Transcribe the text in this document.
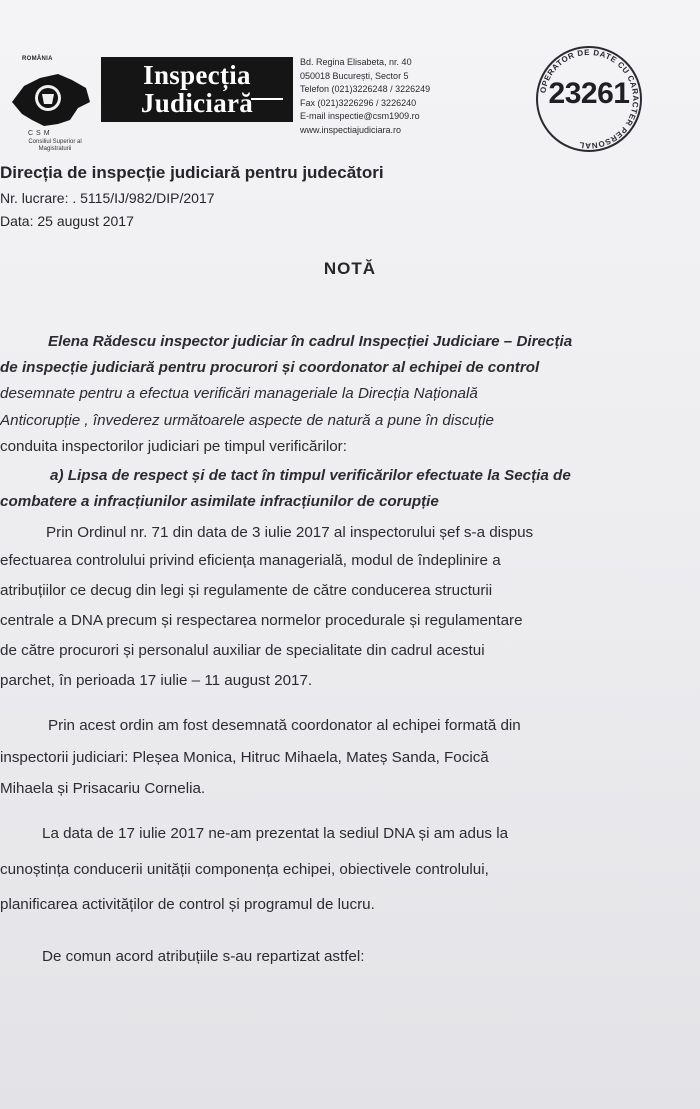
ROMÂNIA
CSM
Consiliul Superior al Magistraturii
Inspecția
Judiciară
Bd. Regina Elisabeta, nr. 40
050018 București, Sector 5
Telefon (021)3226248 / 3226249
Fax (021)3226296 / 3226240
E-mail inspectie@csm1909.ro
www.inspectiajudiciara.ro
OPERATOR DE DATE CU CARACTER PERSONAL
23261
Direcția de inspecție judiciară pentru judecători
Nr. lucrare: . 5115/IJ/982/DIP/2017
Data: 25 august 2017
NOTĂ
Elena Rădescu inspector judiciar în cadrul Inspecției Judiciare – Direcția
de inspecție judiciară pentru procurori și coordonator al echipei de control
desemnate pentru a efectua verificări manageriale la Direcția Națională
Anticorupție , învederez următoarele aspecte de natură a pune în discuție
conduita inspectorilor judiciari pe timpul verificărilor:
a) Lipsa de respect și de tact în timpul verificărilor efectuate la Secția de
combatere a infracțiunilor asimilate infracțiunilor de corupție
Prin Ordinul nr. 71 din data de 3 iulie 2017 al inspectorului șef s-a dispus
efectuarea controlului privind eficiența managerială, modul de îndeplinire a
atribuțiilor ce decug din legi și regulamente de către conducerea structurii
centrale a DNA precum și respectarea normelor procedurale și regulamentare
de către procurori și personalul auxiliar de specialitate din cadrul acestui
parchet, în perioada 17 iulie – 11 august 2017.
Prin acest ordin am fost desemnată coordonator al echipei formată din
inspectorii judiciari: Pleșea Monica, Hitruc Mihaela, Mateș Sanda, Focică
Mihaela și Prisacariu Cornelia.
La data de 17 iulie 2017 ne-am prezentat la sediul DNA și am adus la
cunoștința conducerii unității componența echipei, obiectivele controlului,
planificarea activităților de control și programul de lucru.
De comun acord atribuțiile s-au repartizat astfel:
